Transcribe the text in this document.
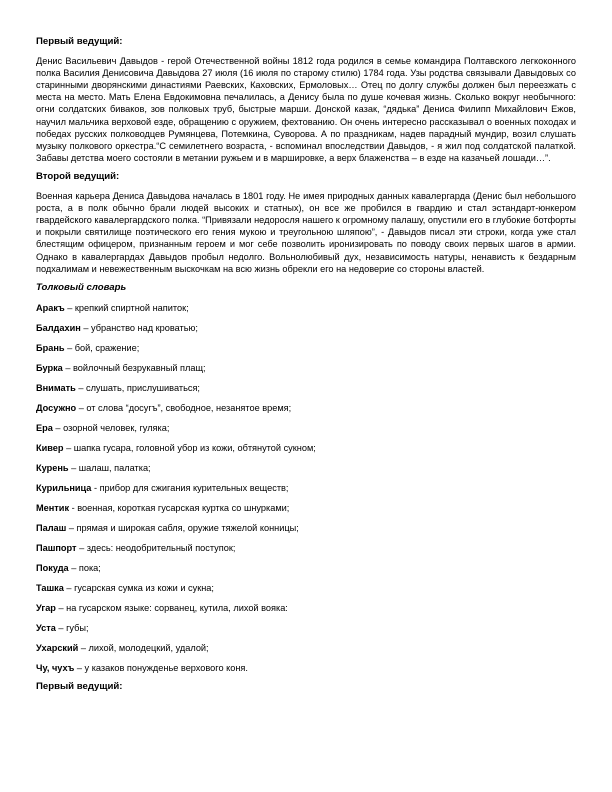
Первый ведущий:
Денис Васильевич Давыдов - герой Отечественной войны 1812 года родился в семье командира Полтавского легкоконного полка Василия Денисовича Давыдова 27 июля (16 июля по старому стилю) 1784 года. Узы родства связывали Давыдовых со старинными дворянскими династиями Раевских, Каховских, Ермоловых… Отец по долгу службы должен был переезжать с места на место. Мать Елена Евдокимовна печалилась, а Денису была по душе кочевая жизнь. Сколько вокруг необычного: огни солдатских биваков, зов полковых труб, быстрые марши. Донской казак, “дядька” Дениса Филипп Михайлович Ежов, научил мальчика верховой езде, обращению с оружием, фехтованию. Он очень интересно рассказывал о военных походах и победах русских полководцев Румянцева, Потемкина, Суворова. А по праздникам, надев парадный мундир, возил слушать музыку полкового оркестра.“С семилетнего возраста, - вспоминал впоследствии Давыдов, - я жил под солдатской палаткой. Забавы детства моего состояли в метании ружьем и в маршировке, а верх блаженства – в езде на казачьей лошади…”.
Второй ведущий:
Военная карьера Дениса Давыдова началась в 1801 году. Не имея природных данных кавалергарда (Денис был небольшого роста, а в полк обычно брали людей высоких и статных), он все же пробился в гвардию и стал эстандарт-юнкером гвардейского кавалергардского полка. “Привязали недоросля нашего к огромному палашу, опустили его в глубокие ботфорты и покрыли святилище поэтического его гения мукою и треугольною шляпою”, - Давыдов писал эти строки, когда уже стал блестящим офицером, признанным героем и мог себе позволить иронизировать по поводу своих первых шагов в армии. Однако в кавалергардах Давыдов пробыл недолго. Вольнолюбивый дух, независимость натуры, ненависть к бездарным подхалимам и невежественным выскочкам на всю жизнь обрекли его на недоверие со стороны властей.
Толковый словарь
Аракъ – крепкий спиртной напиток;
Балдахин – убранство над кроватью;
Брань – бой, сражение;
Бурка – войлочный безрукавный плащ;
Внимать – слушать, прислушиваться;
Досужно – от слова “досугъ”, свободное, незанятое время;
Ера – озорной человек, гуляка;
Кивер – шапка гусара, головной убор из кожи, обтянутой сукном;
Курень – шалаш, палатка;
Курильница - прибор для сжигания курительных веществ;
Ментик - военная, короткая гусарская куртка со шнурками;
Палаш – прямая и широкая сабля, оружие тяжелой конницы;
Пашпорт – здесь: неодобрительный поступок;
Покуда – пока;
Ташка – гусарская сумка из кожи и сукна;
Угар – на гусарском языке: сорванец, кутила, лихой вояка:
Уста – губы;
Ухарский – лихой, молодецкий, удалой;
Чу, чухъ – у казаков понужденье верхового коня.
Первый ведущий:
